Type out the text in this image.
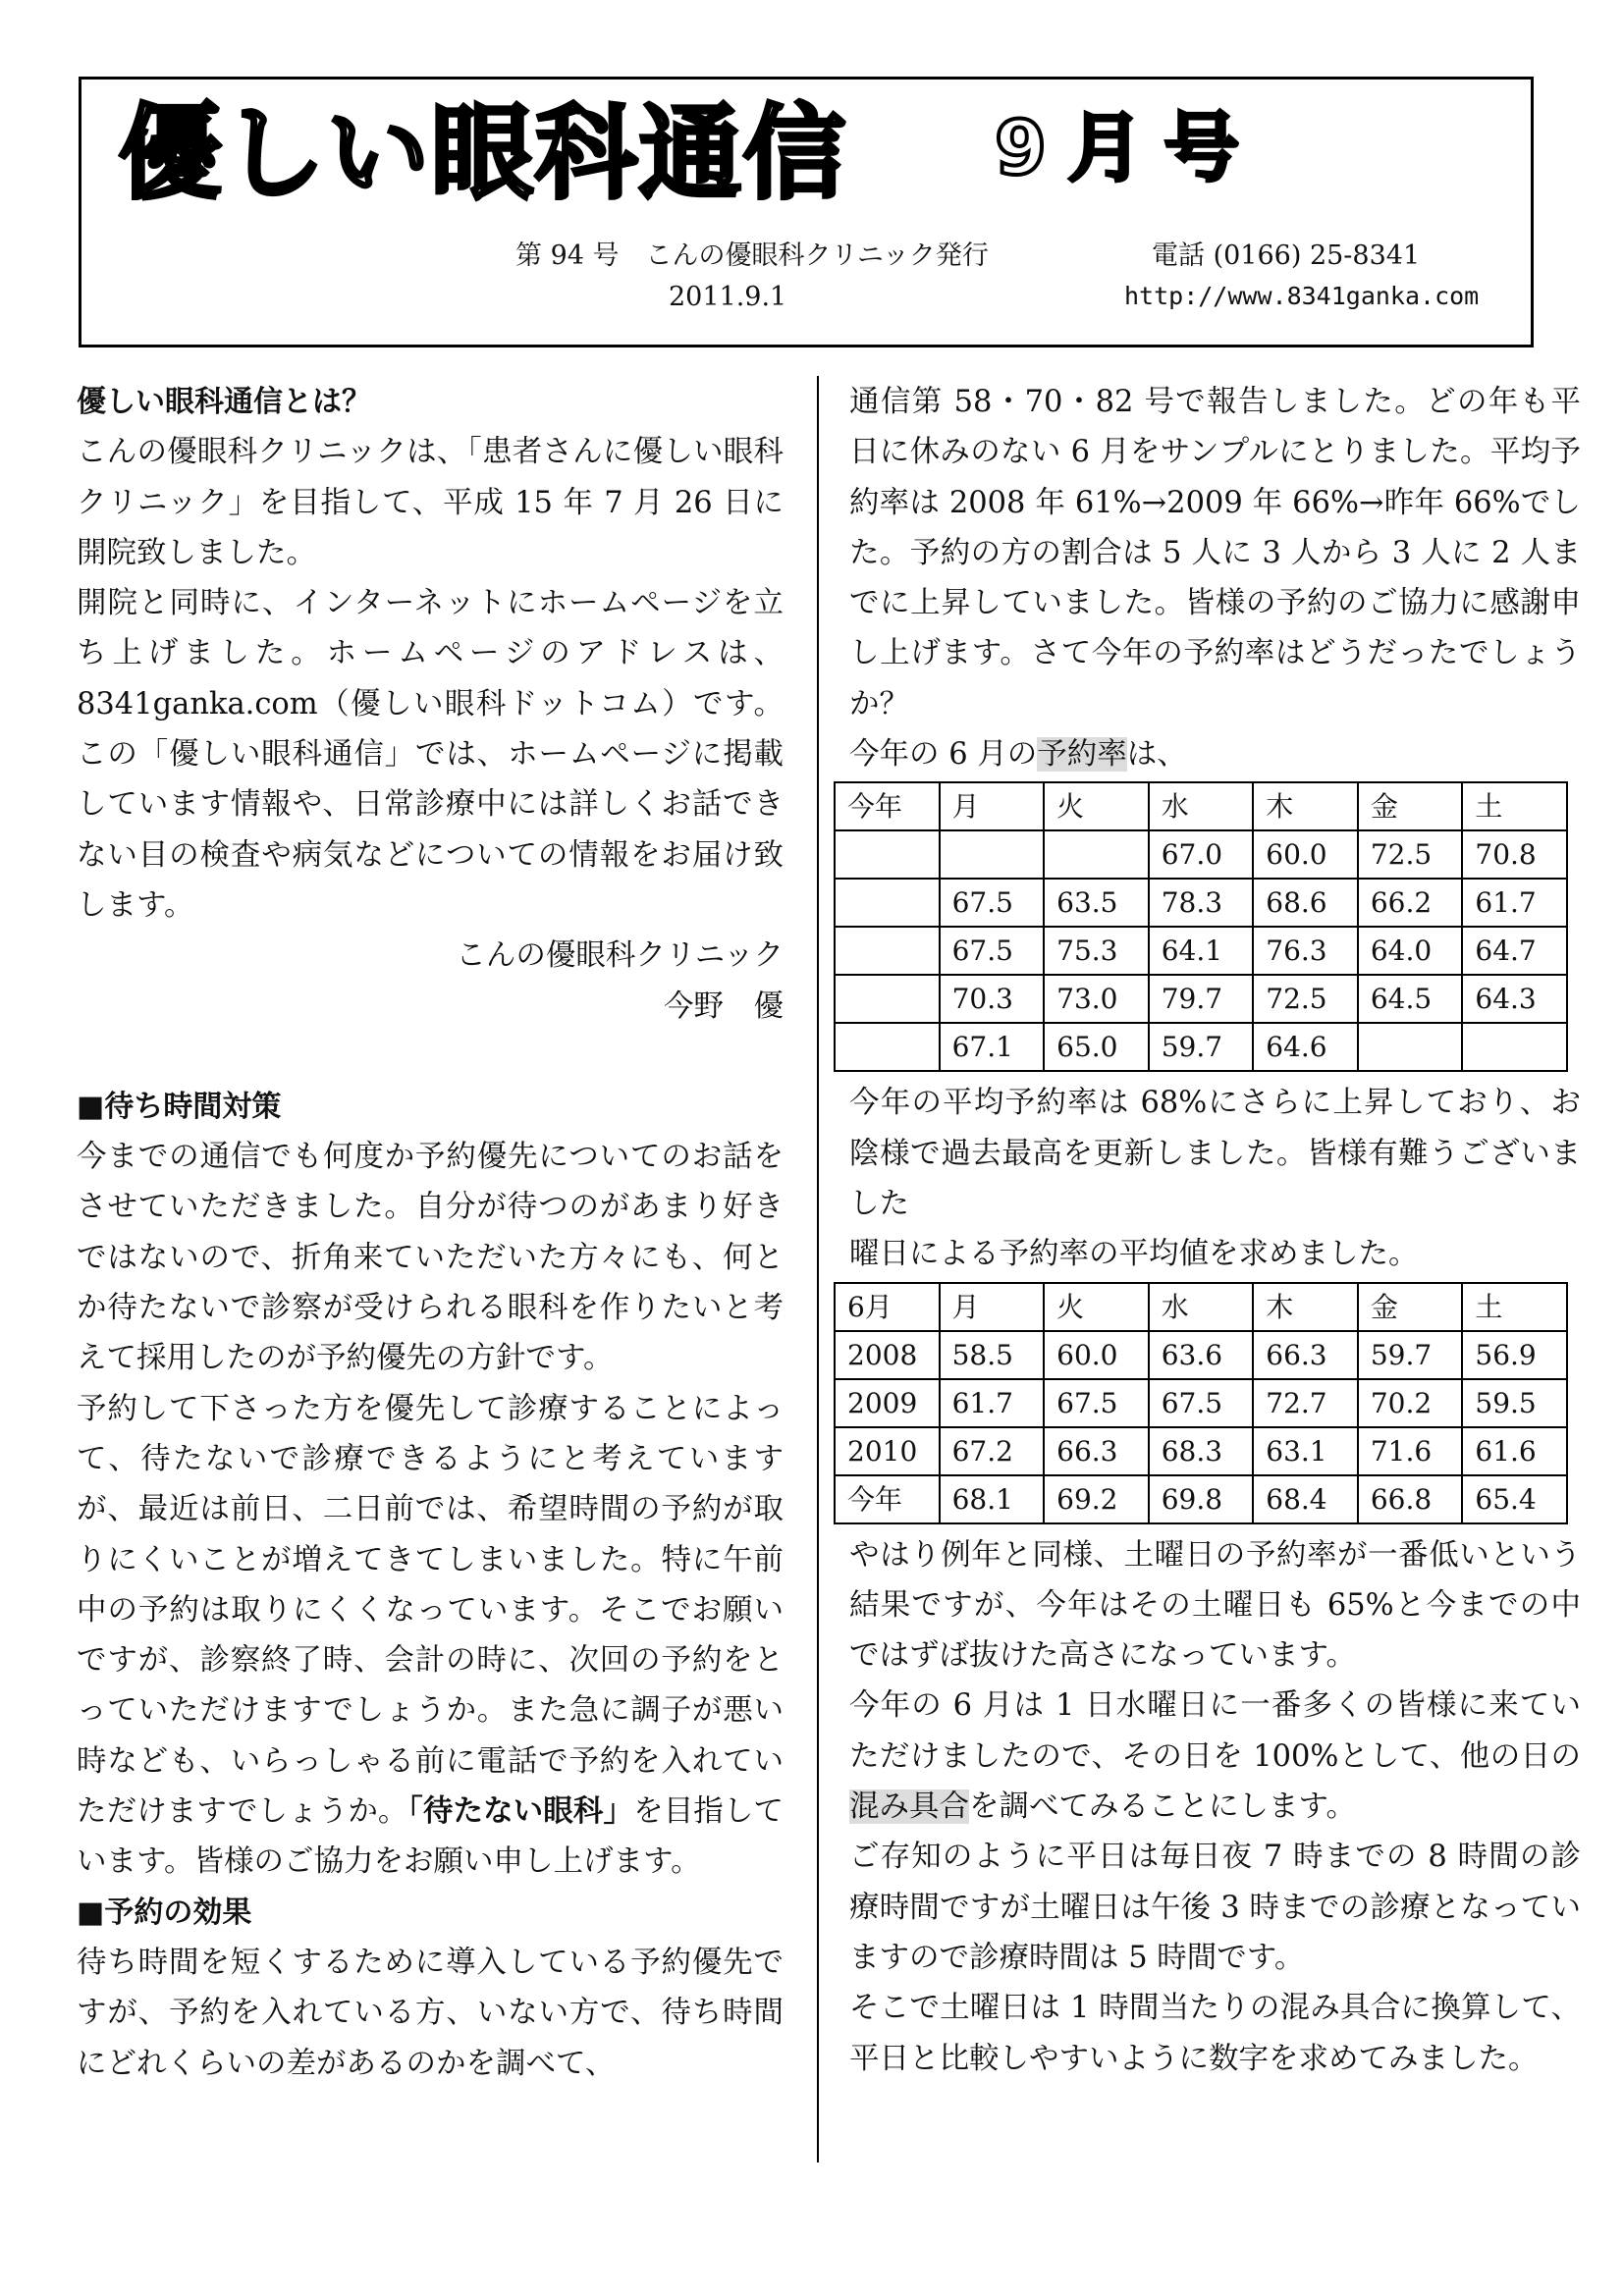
優しい眼科通信 9月号
第 94 号　こんの優眼科クリニック発行	電話 (0166) 25-8341
2011.9.1	http://www.8341ganka.com

優しい眼科通信とは？

こんの優眼科クリニックは、「患者さんに優しい眼科クリニック」を目指して、平成 15 年 7 月 26 日に開院致しました。

開院と同時に、インターネットにホームページを立ち上げました。ホームページのアドレスは、8341ganka.com（優しい眼科ドットコム）です。この「優しい眼科通信」では、ホームページに掲載しています情報や、日常診療中には詳しくお話できない目の検査や病気などについての情報をお届け致します。

こんの優眼科クリニック

今野　優

■待ち時間対策

今までの通信でも何度か予約優先についてのお話をさせていただきました。自分が待つのがあまり好きではないので、折角来ていただいた方々にも、何とか待たないで診察が受けられる眼科を作りたいと考えて採用したのが予約優先の方針です。

予約して下さった方を優先して診療することによって、待たないで診療できるようにと考えていますが、最近は前日、二日前では、希望時間の予約が取りにくいことが増えてきてしまいました。特に午前中の予約は取りにくくなっています。そこでお願いですが、診察終了時、会計の時に、次回の予約をとっていただけますでしょうか。また急に調子が悪い時なども、いらっしゃる前に電話で予約を入れていただけますでしょうか。「待たない眼科」を目指しています。皆様のご協力をお願い申し上げます。

■予約の効果

待ち時間を短くするために導入している予約優先ですが、予約を入れている方、いない方で、待ち時間にどれくらいの差があるのかを調べて、

通信第 58・70・82 号で報告しました。どの年も平日に休みのない 6 月をサンプルにとりました。平均予約率は 2008 年 61%→2009 年 66%→昨年 66%でした。予約の方の割合は 5 人に 3 人から 3 人に 2 人までに上昇していました。皆様の予約のご協力に感謝申し上げます。さて今年の予約率はどうだったでしょうか？

今年の 6 月の予約率は、

今年	月	火	水	木	金	土
			67.0	60.0	72.5	70.8
	67.5	63.5	78.3	68.6	66.2	61.7
	67.5	75.3	64.1	76.3	64.0	64.7
	70.3	73.0	79.7	72.5	64.5	64.3
	67.1	65.0	59.7	64.6		

今年の平均予約率は 68%にさらに上昇しており、お陰様で過去最高を更新しました。皆様有難うございました

曜日による予約率の平均値を求めました。

6月	月	火	水	木	金	土
2008	58.5	60.0	63.6	66.3	59.7	56.9
2009	61.7	67.5	67.5	72.7	70.2	59.5
2010	67.2	66.3	68.3	63.1	71.6	61.6
今年	68.1	69.2	69.8	68.4	66.8	65.4

やはり例年と同様、土曜日の予約率が一番低いという結果ですが、今年はその土曜日も 65%と今までの中ではずば抜けた高さになっています。

今年の 6 月は 1 日水曜日に一番多くの皆様に来ていただけましたので、その日を 100%として、他の日の混み具合を調べてみることにします。

ご存知のように平日は毎日夜 7 時までの 8 時間の診療時間ですが土曜日は午後 3 時までの診療となっていますので診療時間は 5 時間です。

そこで土曜日は 1 時間当たりの混み具合に換算して、平日と比較しやすいように数字を求めてみました。
